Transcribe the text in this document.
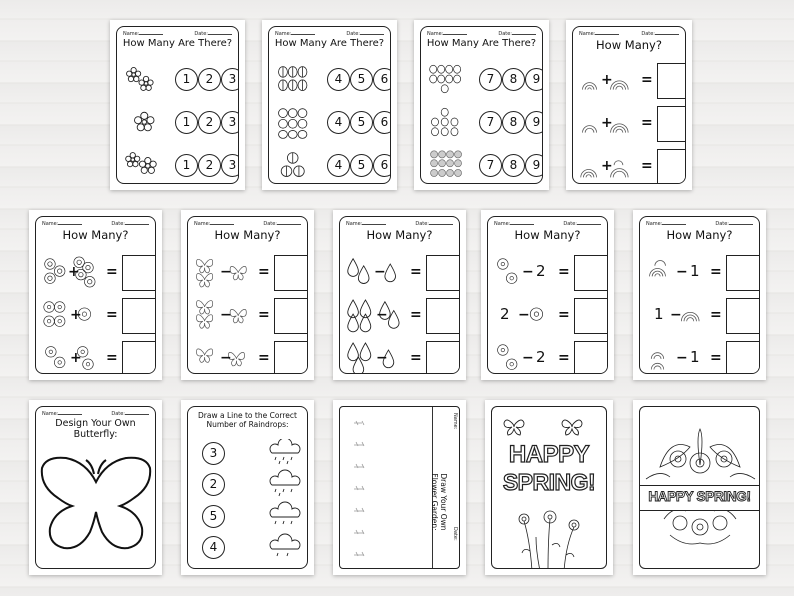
Name:	Date:
How Many Are There?
1	2	3
1	2	3
1	2	3
Name:	Date:
How Many Are There?
4	5	6
4	5	6
4	5	6
Name:	Date:
How Many Are There?
7	8	9
7	8	9
7	8	9
Name:	Date:
How Many?
+ =
+ =
+ =
Name:	Date:
How Many?
+ =
+ =
+ =
Name:	Date:
How Many?
− =
− =
− =
Name:	Date:
How Many?
− =
− =
− =
Name:	Date:
How Many?
− 2 =
2 − =
− 2 =
Name:	Date:
How Many?
− 1 =
1 − =
− 1 =
Name:	Date:
Design Your Own Butterfly:
Draw a Line to the Correct
Number of Raindrops:
3
2
5
4
Draw Your Own
Flower Garden:
Name:
Date:
HAPPY
SPRING!
HAPPY SPRING!
